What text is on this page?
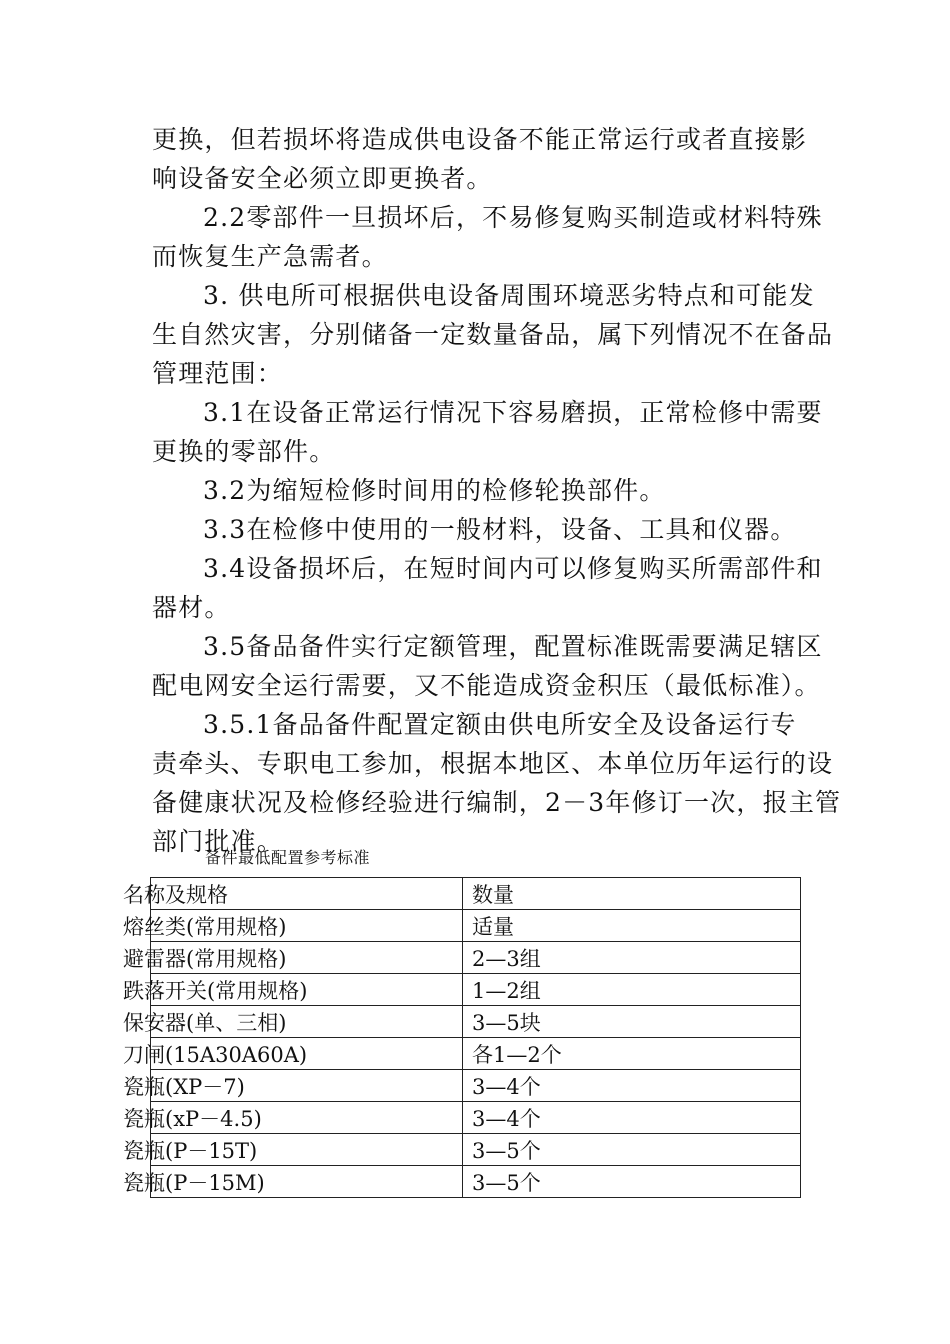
更换，但若损坏将造成供电设备不能正常运行或者直接影
响设备安全必须立即更换者。

2.2零部件一旦损坏后，不易修复购买制造或材料特殊
而恢复生产急需者。

3. 供电所可根据供电设备周围环境恶劣特点和可能发
生自然灾害，分别储备一定数量备品，属下列情况不在备品
管理范围：

3.1在设备正常运行情况下容易磨损，正常检修中需要
更换的零部件。

3.2为缩短检修时间用的检修轮换部件。

3.3在检修中使用的一般材料，设备、工具和仪器。

3.4设备损坏后，在短时间内可以修复购买所需部件和
器材。

3.5备品备件实行定额管理，配置标准既需要满足辖区
配电网安全运行需要，又不能造成资金积压（最低标准）。

3.5.1备品备件配置定额由供电所安全及设备运行专
责牵头、专职电工参加，根据本地区、本单位历年运行的设
备健康状况及检修经验进行编制，2－3年修订一次，报主管
部门批准。

备件最低配置参考标准

名称及规格	数量
熔丝类(常用规格)	适量
避雷器(常用规格)	2—3组
跌落开关(常用规格)	1—2组
保安器(单、三相)	3—5块
刀闸(15A30A60A)	各1—2个
瓷瓶(XP－7)	3—4个
瓷瓶(xP－4.5)	3—4个
瓷瓶(P－15T)	3—5个
瓷瓶(P－15M)	3—5个
